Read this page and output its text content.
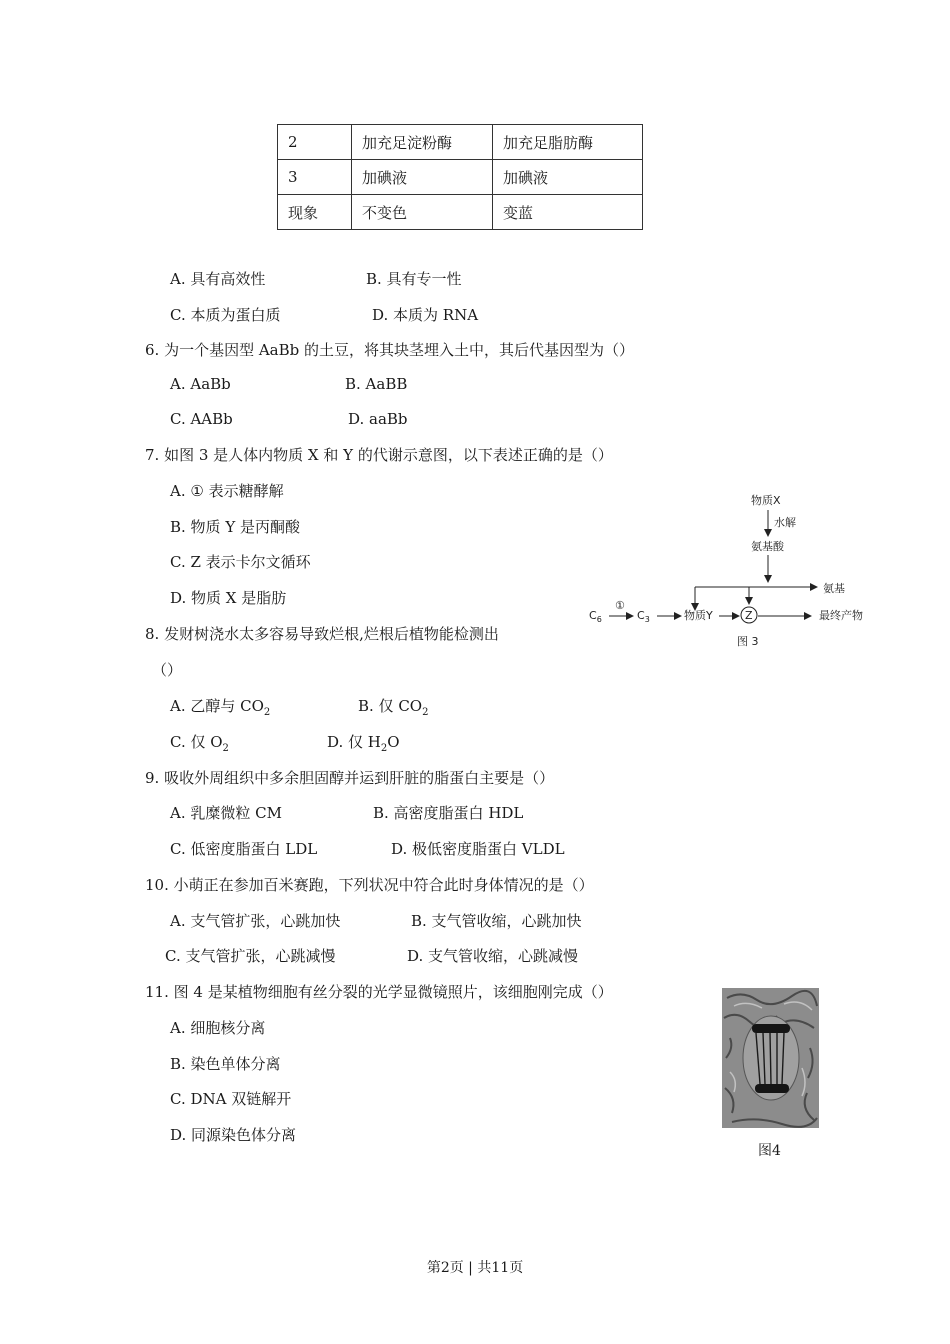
2	加充足淀粉酶	加充足脂肪酶
3	加碘液	加碘液
现象	不变色	变蓝
A. 具有高效性	B. 具有专一性
C. 本质为蛋白质	D. 本质为 RNA
6. 为一个基因型 AaBb 的土豆，将其块茎埋入土中，其后代基因型为（）
A. AaBb	B. AaBB
C. AABb	D. aaBb
7. 如图 3 是人体内物质 X 和 Y 的代谢示意图，以下表述正确的是（）
A. ① 表示糖酵解
B. 物质 Y 是丙酮酸
C. Z 表示卡尔文循环
D. 物质 X 是脂肪
物质X
水解
氨基酸
氨基
$C_6$
①
$C_3$	物质Y	Z	最终产物
图 3
8. 发财树浇水太多容易导致烂根,烂根后植物能检测出
（）
A. 乙醇与 $CO_2$	B. 仅 $CO_2$
C. 仅 $O_2$	D. 仅 $H_2O$
9. 吸收外周组织中多余胆固醇并运到肝脏的脂蛋白主要是（）
A. 乳糜微粒 CM	B. 高密度脂蛋白 HDL
C. 低密度脂蛋白 LDL	D. 极低密度脂蛋白 VLDL
10. 小萌正在参加百米赛跑，下列状况中符合此时身体情况的是（）
A. 支气管扩张，心跳加快	B. 支气管收缩，心跳加快
C. 支气管扩张，心跳减慢	D. 支气管收缩，心跳减慢
11. 图 4 是某植物细胞有丝分裂的光学显微镜照片，该细胞刚完成（）
A. 细胞核分离
B. 染色单体分离
C. DNA 双链解开
D. 同源染色体分离
图4
第2页 | 共11页
